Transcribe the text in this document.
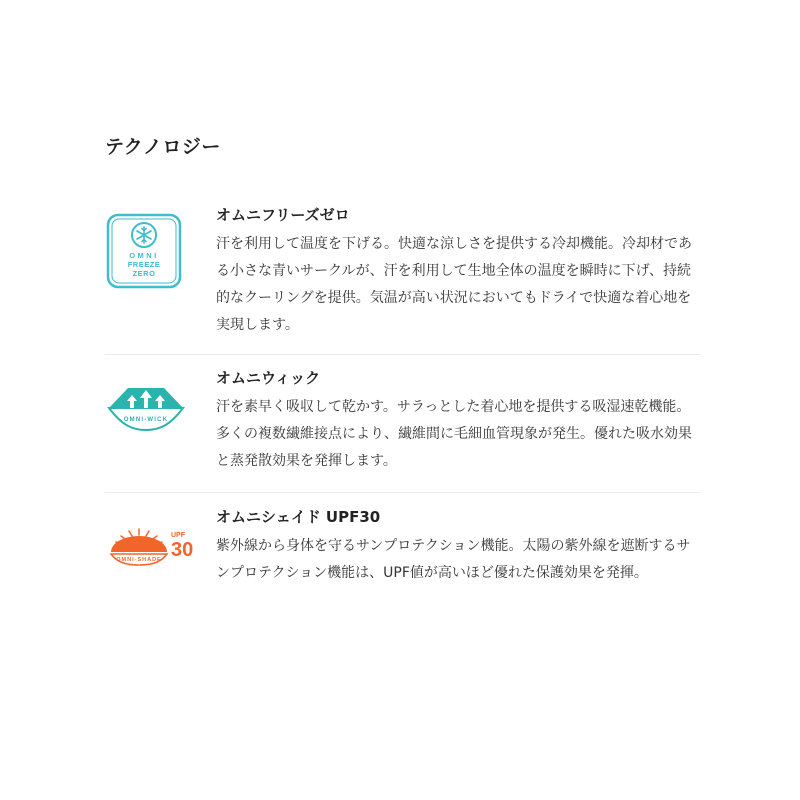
テクノロジー
OMNI
FREEZE
ZERO

オムニフリーズゼロ

汗を利用して温度を下げる。快適な涼しさを提供する冷却機能。冷却材である小さな青いサークルが、汗を利用して生地全体の温度を瞬時に下げ、持続的なクーリングを提供。気温が高い状況においてもドライで快適な着心地を実現します。

OMNI-WICK

オムニウィック

汗を素早く吸収して乾かす。サラっとした着心地を提供する吸湿速乾機能。多くの複数繊維接点により、繊維間に毛細血管現象が発生。優れた吸水効果と蒸発散効果を発揮します。

OMNI-SHADE
UPF
30

オムニシェイド UPF30

紫外線から身体を守るサンプロテクション機能。太陽の紫外線を遮断するサンプロテクション機能は、UPF値が高いほど優れた保護効果を発揮。
